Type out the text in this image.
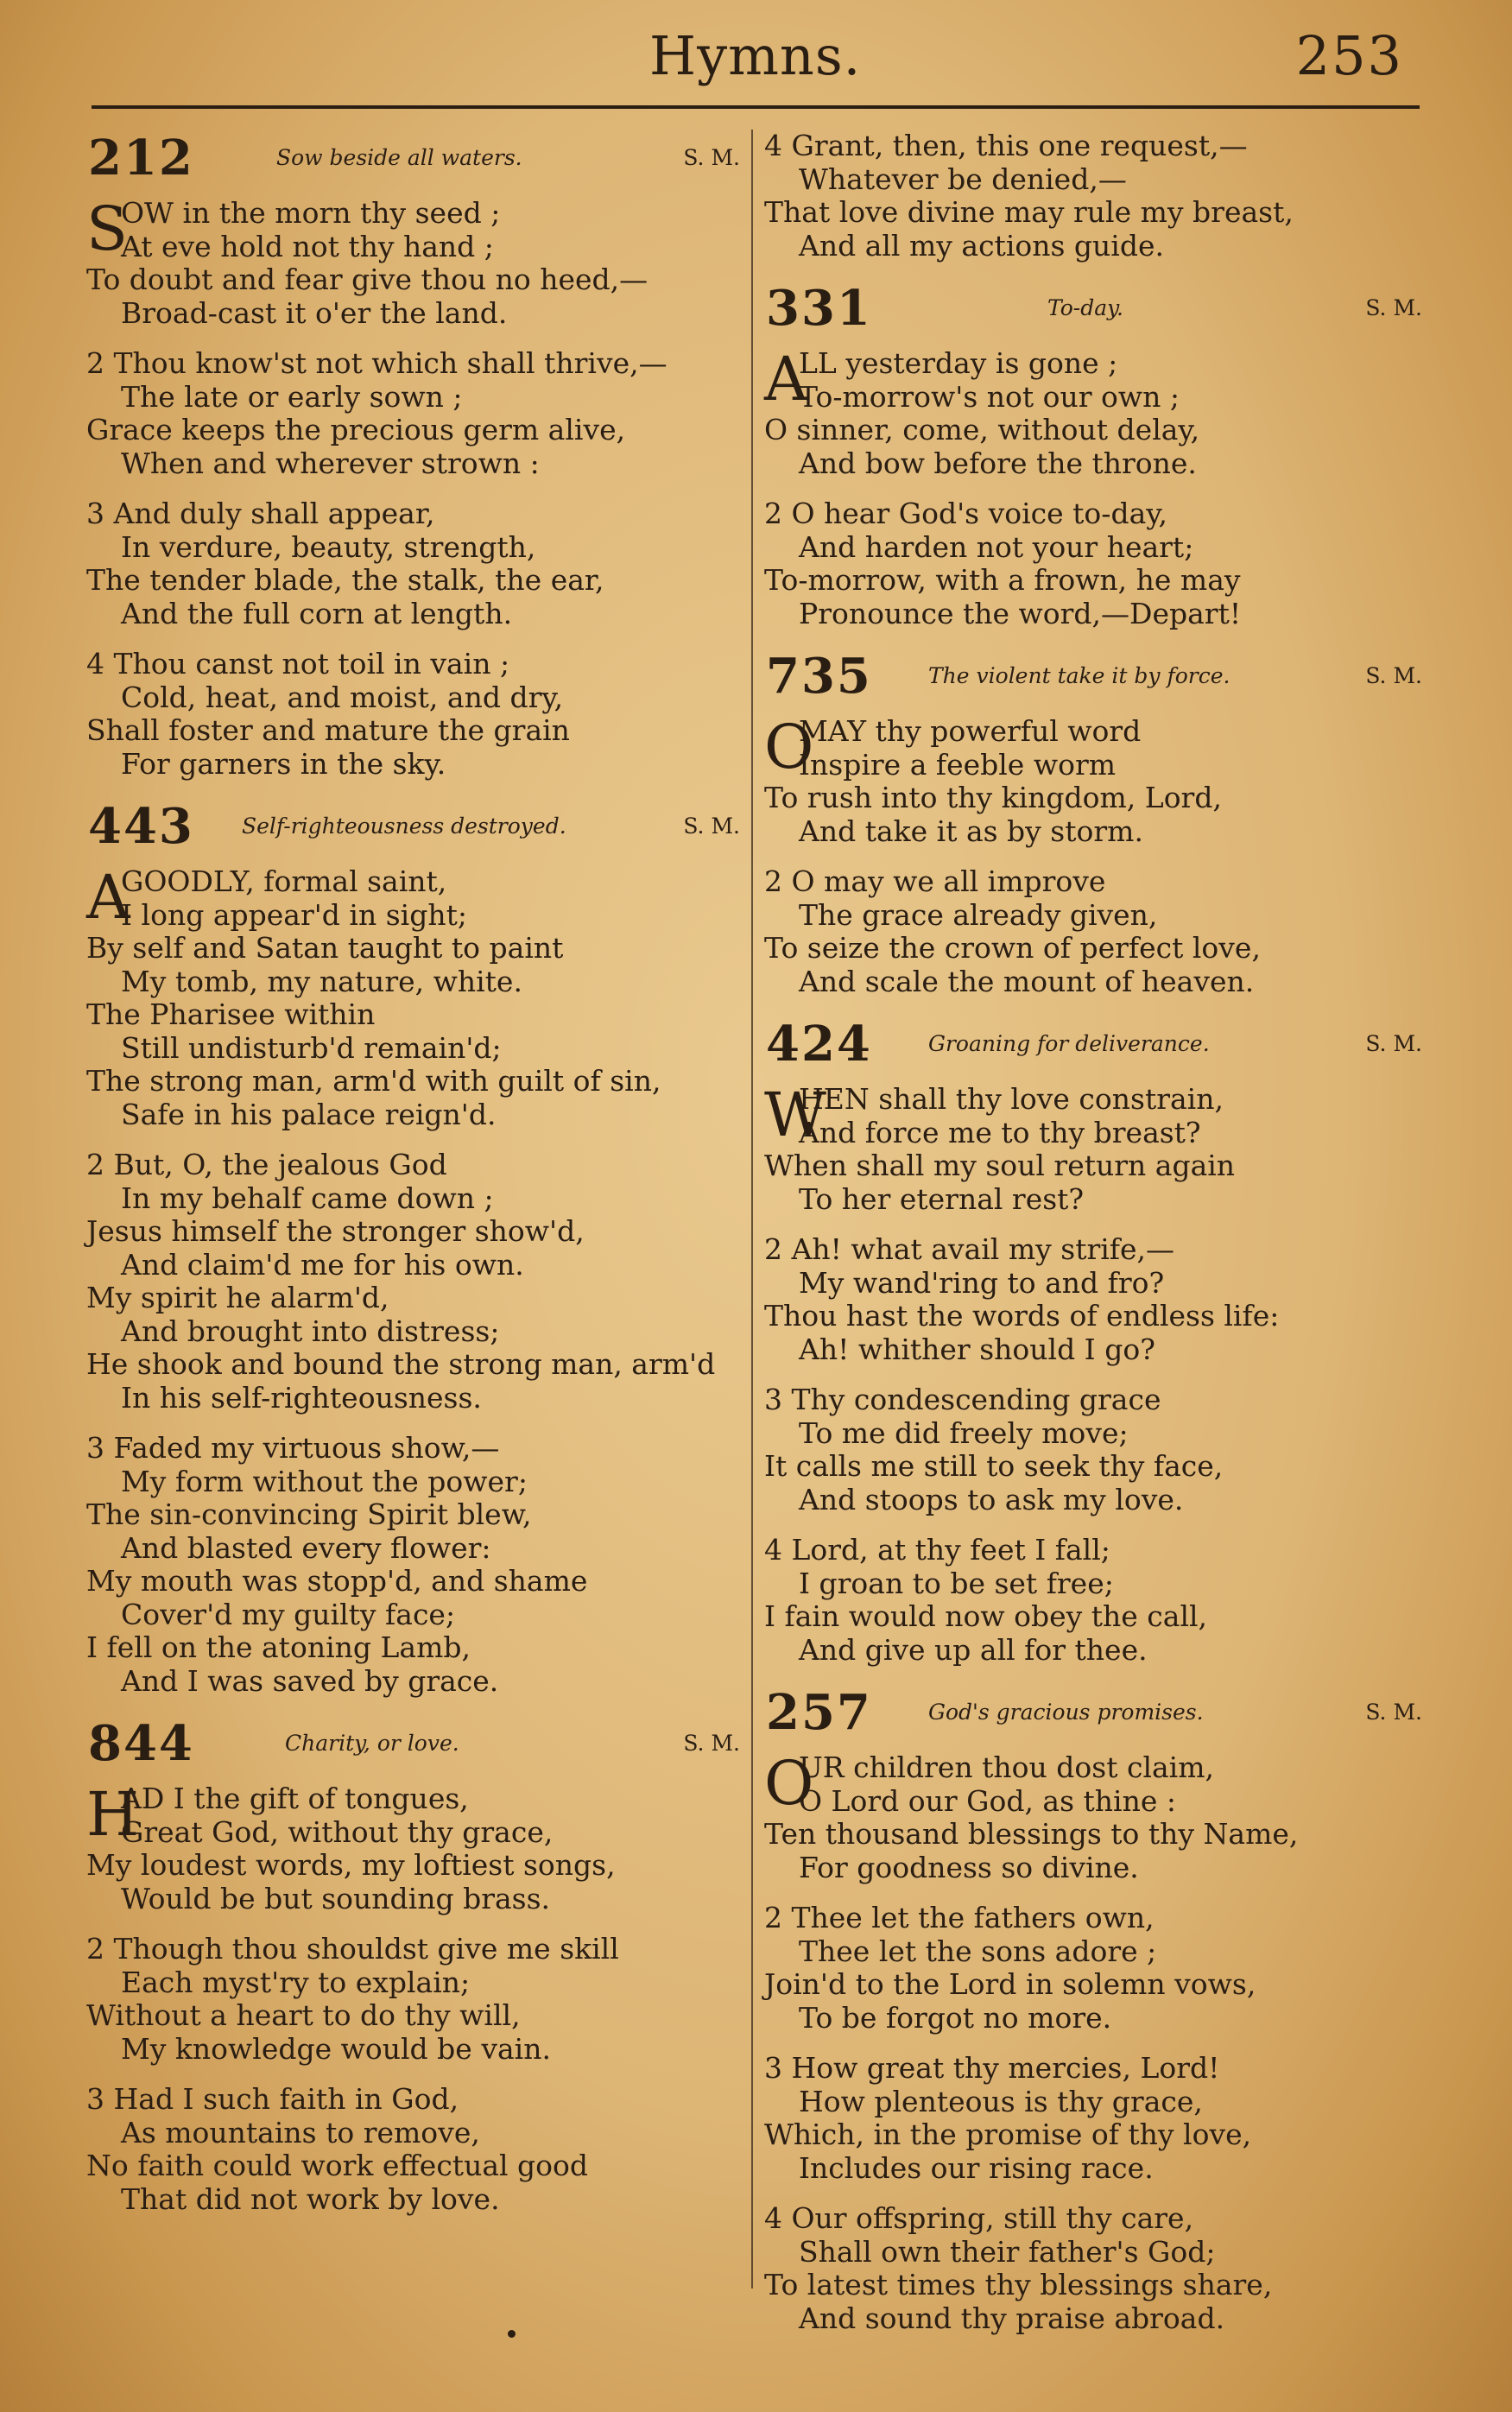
Hymns.	253
212	Sow beside all waters.	S. M.
S
OW in the morn thy seed ;
At eve hold not thy hand ;
To doubt and fear give thou no heed,—
Broad-cast it o'er the land.
2 Thou know'st not which shall thrive,—
The late or early sown ;
Grace keeps the precious germ alive,
When and wherever strown :
3 And duly shall appear,
In verdure, beauty, strength,
The tender blade, the stalk, the ear,
And the full corn at length.
4 Thou canst not toil in vain ;
Cold, heat, and moist, and dry,
Shall foster and mature the grain
For garners in the sky.
443 Self-righteousness destroyed.	S. M.
A
GOODLY, formal saint,
I long appear'd in sight;
By self and Satan taught to paint
My tomb, my nature, white.
The Pharisee within
Still undisturb'd remain'd;
The strong man, arm'd with guilt of sin,
Safe in his palace reign'd.
2 But, O, the jealous God
In my behalf came down ;
Jesus himself the stronger show'd,
And claim'd me for his own.
My spirit he alarm'd,
And brought into distress;
He shook and bound the strong man, arm'd
In his self-righteousness.
3 Faded my virtuous show,—
My form without the power;
The sin-convincing Spirit blew,
And blasted every flower:
My mouth was stopp'd, and shame
Cover'd my guilty face;
I fell on the atoning Lamb,
And I was saved by grace.
844	Charity, or love.	S. M.
H
AD I the gift of tongues,
Great God, without thy grace,
My loudest words, my loftiest songs,
Would be but sounding brass.
2 Though thou shouldst give me skill
Each myst'ry to explain;
Without a heart to do thy will,
My knowledge would be vain.
3 Had I such faith in God,
As mountains to remove,
No faith could work effectual good
That did not work by love.
4 Grant, then, this one request,—
Whatever be denied,—
That love divine may rule my breast,
And all my actions guide.
331	To-day.	S. M.
A
LL yesterday is gone ;
To-morrow's not our own ;
O sinner, come, without delay,
And bow before the throne.
2 O hear God's voice to-day,
And harden not your heart;
To-morrow, with a frown, he may
Pronounce the word,—Depart!
735	The violent take it by force.	S. M.
O
MAY thy powerful word
Inspire a feeble worm
To rush into thy kingdom, Lord,
And take it as by storm.
2 O may we all improve
The grace already given,
To seize the crown of perfect love,
And scale the mount of heaven.
424	Groaning for deliverance.	S. M.
W
HEN shall thy love constrain,
And force me to thy breast?
When shall my soul return again
To her eternal rest?
2 Ah! what avail my strife,—
My wand'ring to and fro?
Thou hast the words of endless life:
Ah! whither should I go?
3 Thy condescending grace
To me did freely move;
It calls me still to seek thy face,
And stoops to ask my love.
4 Lord, at thy feet I fall;
I groan to be set free;
I fain would now obey the call,
And give up all for thee.
257	God's gracious promises.	S. M.
O
UR children thou dost claim,
O Lord our God, as thine :
Ten thousand blessings to thy Name,
For goodness so divine.
2 Thee let the fathers own,
Thee let the sons adore ;
Join'd to the Lord in solemn vows,
To be forgot no more.
3 How great thy mercies, Lord!
How plenteous is thy grace,
Which, in the promise of thy love,
Includes our rising race.
4 Our offspring, still thy care,
Shall own their father's God;
To latest times thy blessings share,
And sound thy praise abroad.
